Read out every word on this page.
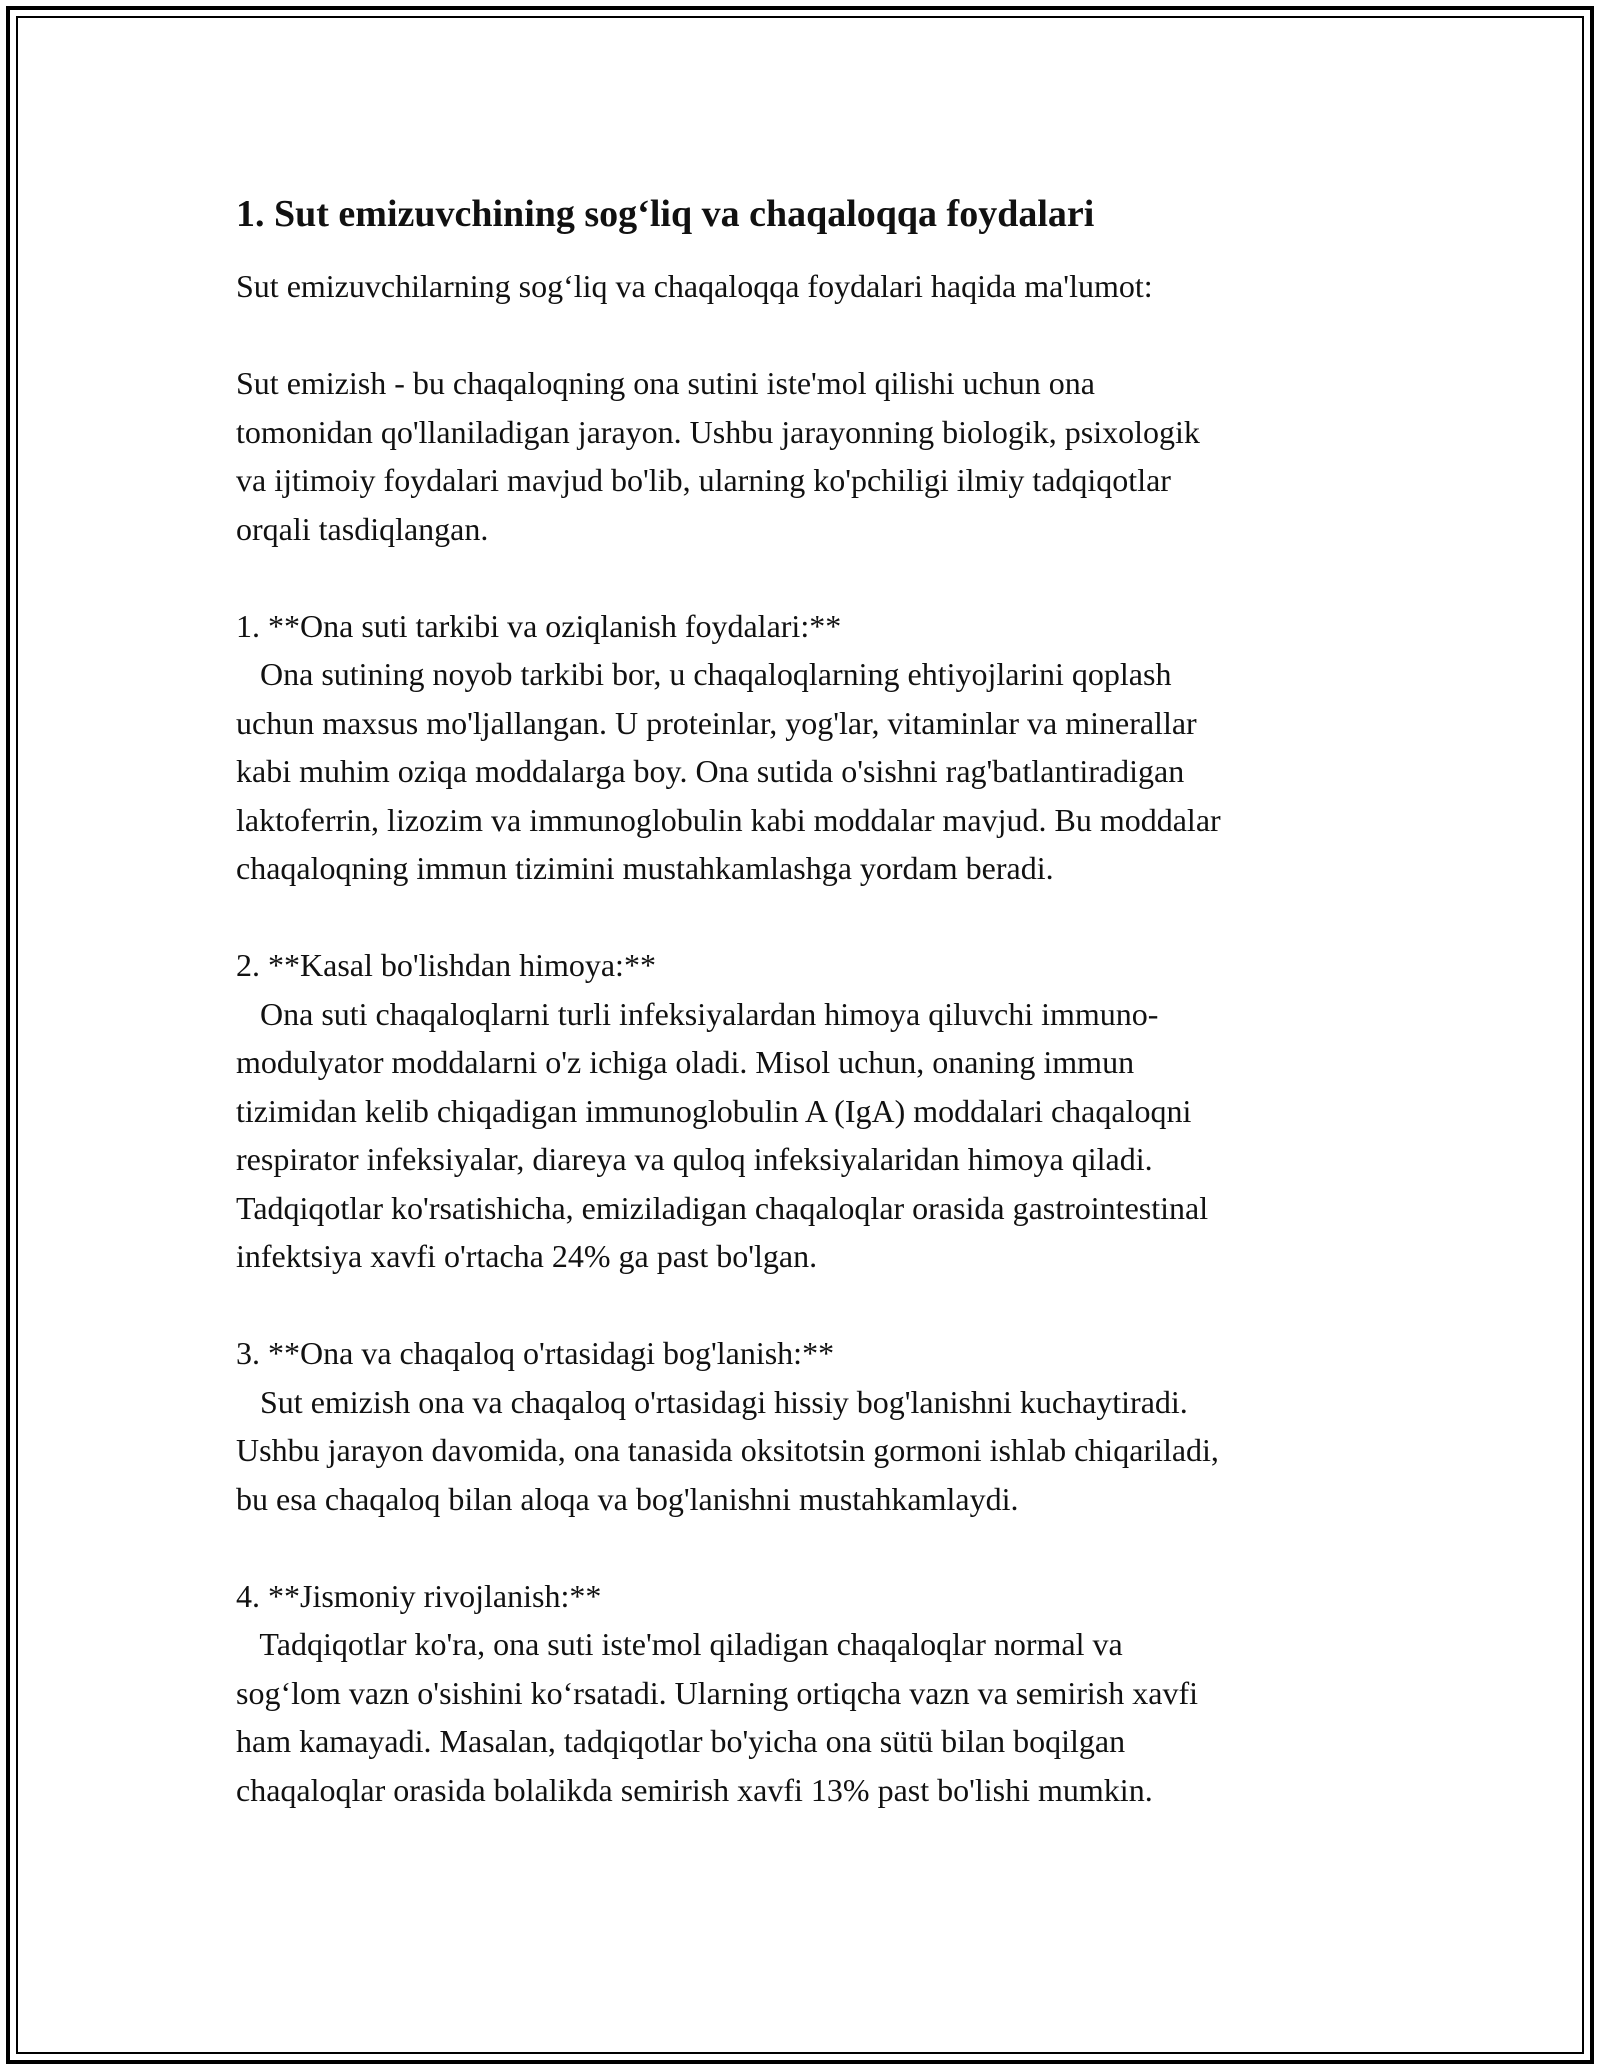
1. Sut emizuvchining sog‘liq va chaqaloqqa foydalari
Sut emizuvchilarning sog‘liq va chaqaloqqa foydalari haqida ma'lumot:
Sut emizish - bu chaqaloqning ona sutini iste'mol qilishi uchun ona
tomonidan qo'llaniladigan jarayon. Ushbu jarayonning biologik, psixologik
va ijtimoiy foydalari mavjud bo'lib, ularning ko'pchiligi ilmiy tadqiqotlar
orqali tasdiqlangan.
1. **Ona suti tarkibi va oziqlanish foydalari:**
Ona sutining noyob tarkibi bor, u chaqaloqlarning ehtiyojlarini qoplash
uchun maxsus mo'ljallangan. U proteinlar, yog'lar, vitaminlar va minerallar
kabi muhim oziqa moddalarga boy. Ona sutida o'sishni rag'batlantiradigan
laktoferrin, lizozim va immunoglobulin kabi moddalar mavjud. Bu moddalar
chaqaloqning immun tizimini mustahkamlashga yordam beradi.
2. **Kasal bo'lishdan himoya:**
Ona suti chaqaloqlarni turli infeksiyalardan himoya qiluvchi immuno-
modulyator moddalarni o'z ichiga oladi. Misol uchun, onaning immun
tizimidan kelib chiqadigan immunoglobulin A (IgA) moddalari chaqaloqni
respirator infeksiyalar, diareya va quloq infeksiyalaridan himoya qiladi.
Tadqiqotlar ko'rsatishicha, emiziladigan chaqaloqlar orasida gastrointestinal
infektsiya xavfi o'rtacha 24% ga past bo'lgan.
3. **Ona va chaqaloq o'rtasidagi bog'lanish:**
Sut emizish ona va chaqaloq o'rtasidagi hissiy bog'lanishni kuchaytiradi.
Ushbu jarayon davomida, ona tanasida oksitotsin gormoni ishlab chiqariladi,
bu esa chaqaloq bilan aloqa va bog'lanishni mustahkamlaydi.
4. **Jismoniy rivojlanish:**
Tadqiqotlar ko'ra, ona suti iste'mol qiladigan chaqaloqlar normal va
sog‘lom vazn o'sishini ko‘rsatadi. Ularning ortiqcha vazn va semirish xavfi
ham kamayadi. Masalan, tadqiqotlar bo'yicha ona sütü bilan boqilgan
chaqaloqlar orasida bolalikda semirish xavfi 13% past bo'lishi mumkin.
